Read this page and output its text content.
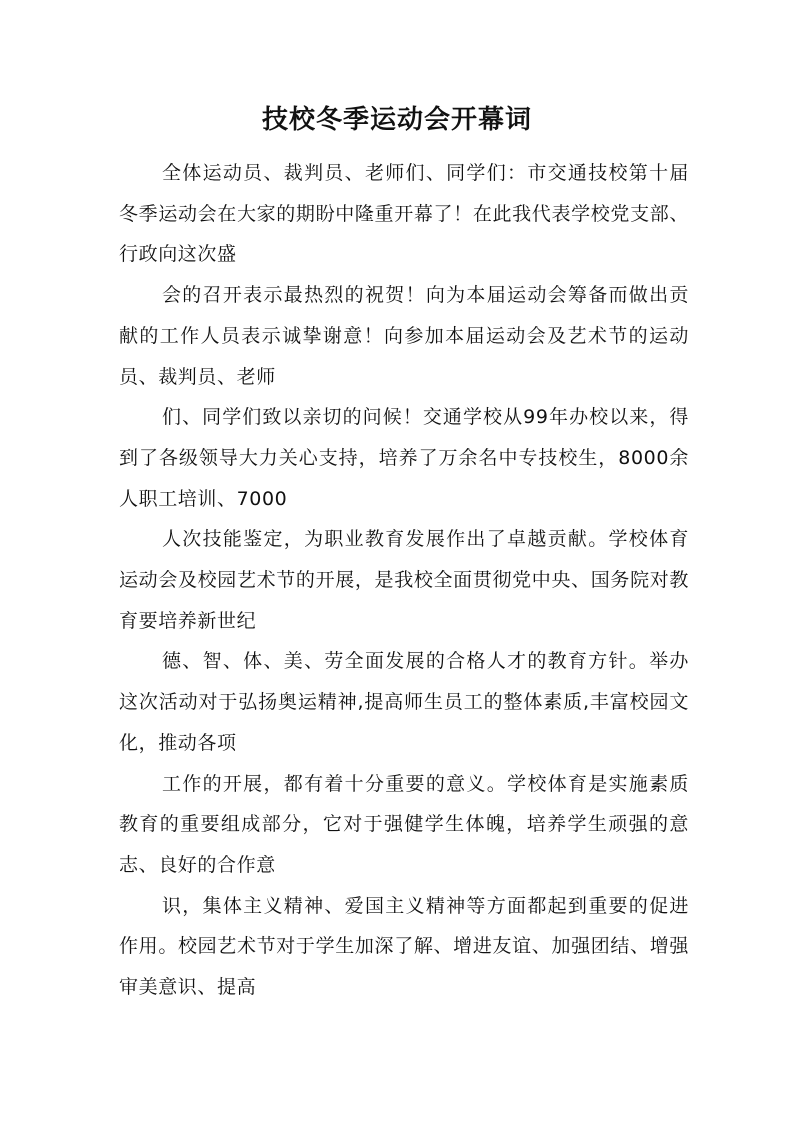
技校冬季运动会开幕词

全体运动员、裁判员、老师们、同学们：市交通技校第十届冬季运动会在大家的期盼中隆重开幕了！在此我代表学校党支部、行政向这次盛

会的召开表示最热烈的祝贺！向为本届运动会筹备而做出贡献的工作人员表示诚挚谢意！向参加本届运动会及艺术节的运动员、裁判员、老师

们、同学们致以亲切的问候！交通学校从99年办校以来，得到了各级领导大力关心支持，培养了万余名中专技校生，8000余人职工培训、7000

人次技能鉴定，为职业教育发展作出了卓越贡献。学校体育运动会及校园艺术节的开展，是我校全面贯彻党中央、国务院对教育要培养新世纪

德、智、体、美、劳全面发展的合格人才的教育方针。举办这次活动对于弘扬奥运精神,提高师生员工的整体素质,丰富校园文化，推动各项

工作的开展，都有着十分重要的意义。学校体育是实施素质教育的重要组成部分，它对于强健学生体魄，培养学生顽强的意志、良好的合作意

识，集体主义精神、爱国主义精神等方面都起到重要的促进作用。校园艺术节对于学生加深了解、增进友谊、加强团结、增强审美意识、提高
